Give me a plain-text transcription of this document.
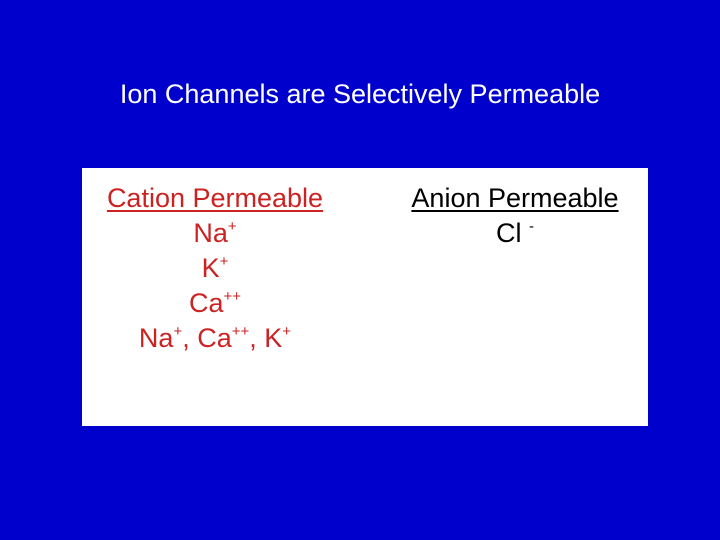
Ion Channels are Selectively Permeable
Cation Permeable
Na+
K+
Ca++
Na+, Ca++, K+
Anion Permeable
Cl -
